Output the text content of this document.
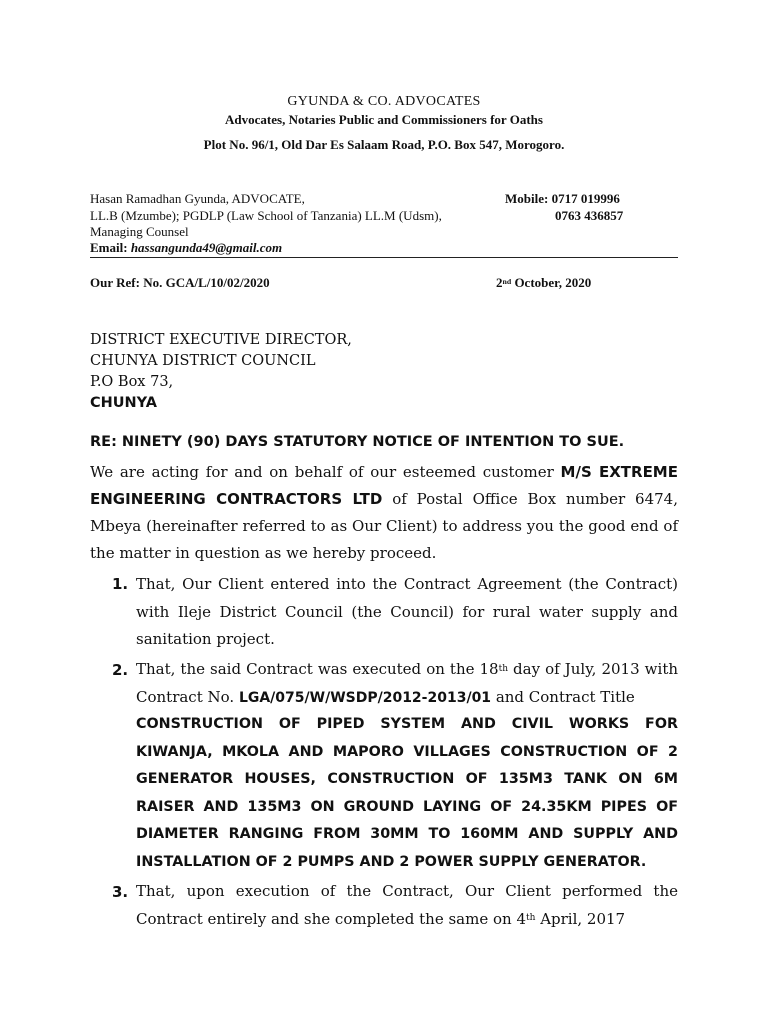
GYUNDA & CO. ADVOCATES
Advocates, Notaries Public and Commissioners for Oaths
Plot No. 96/1, Old Dar Es Salaam Road, P.O. Box 547, Morogoro.
Hasan Ramadhan Gyunda, ADVOCATE,
LL.B (Mzumbe); PGDLP (Law School of Tanzania) LL.M (Udsm),
Managing Counsel
Email: hassangunda49@gmail.com
Mobile: 0717 019996
0763 436857
Our Ref: No. GCA/L/10/02/2020	2nd October, 2020
DISTRICT EXECUTIVE DIRECTOR,
CHUNYA DISTRICT COUNCIL
P.O Box 73,
CHUNYA
RE: NINETY (90) DAYS STATUTORY NOTICE OF INTENTION TO SUE.
We are acting for and on behalf of our esteemed customer M/S EXTREME ENGINEERING CONTRACTORS LTD of Postal Office Box number 6474, Mbeya (hereinafter referred to as Our Client) to address you the good end of the matter in question as we hereby proceed.
1. That, Our Client entered into the Contract Agreement (the Contract) with Ileje District Council (the Council) for rural water supply and sanitation project.
2. That, the said Contract was executed on the 18th day of July, 2013 with Contract No. LGA/075/W/WSDP/2012-2013/01 and Contract Title
CONSTRUCTION OF PIPED SYSTEM AND CIVIL WORKS FOR
KIWANJA, MKOLA AND MAPORO VILLAGES CONSTRUCTION OF 2
GENERATOR HOUSES, CONSTRUCTION OF 135M3 TANK ON 6M
RAISER AND 135M3 ON GROUND LAYING OF 24.35KM PIPES OF
DIAMETER RANGING FROM 30MM TO 160MM AND SUPPLY AND
INSTALLATION OF 2 PUMPS AND 2 POWER SUPPLY GENERATOR.
3. That, upon execution of the Contract, Our Client performed the Contract entirely and she completed the same on 4th April, 2017
